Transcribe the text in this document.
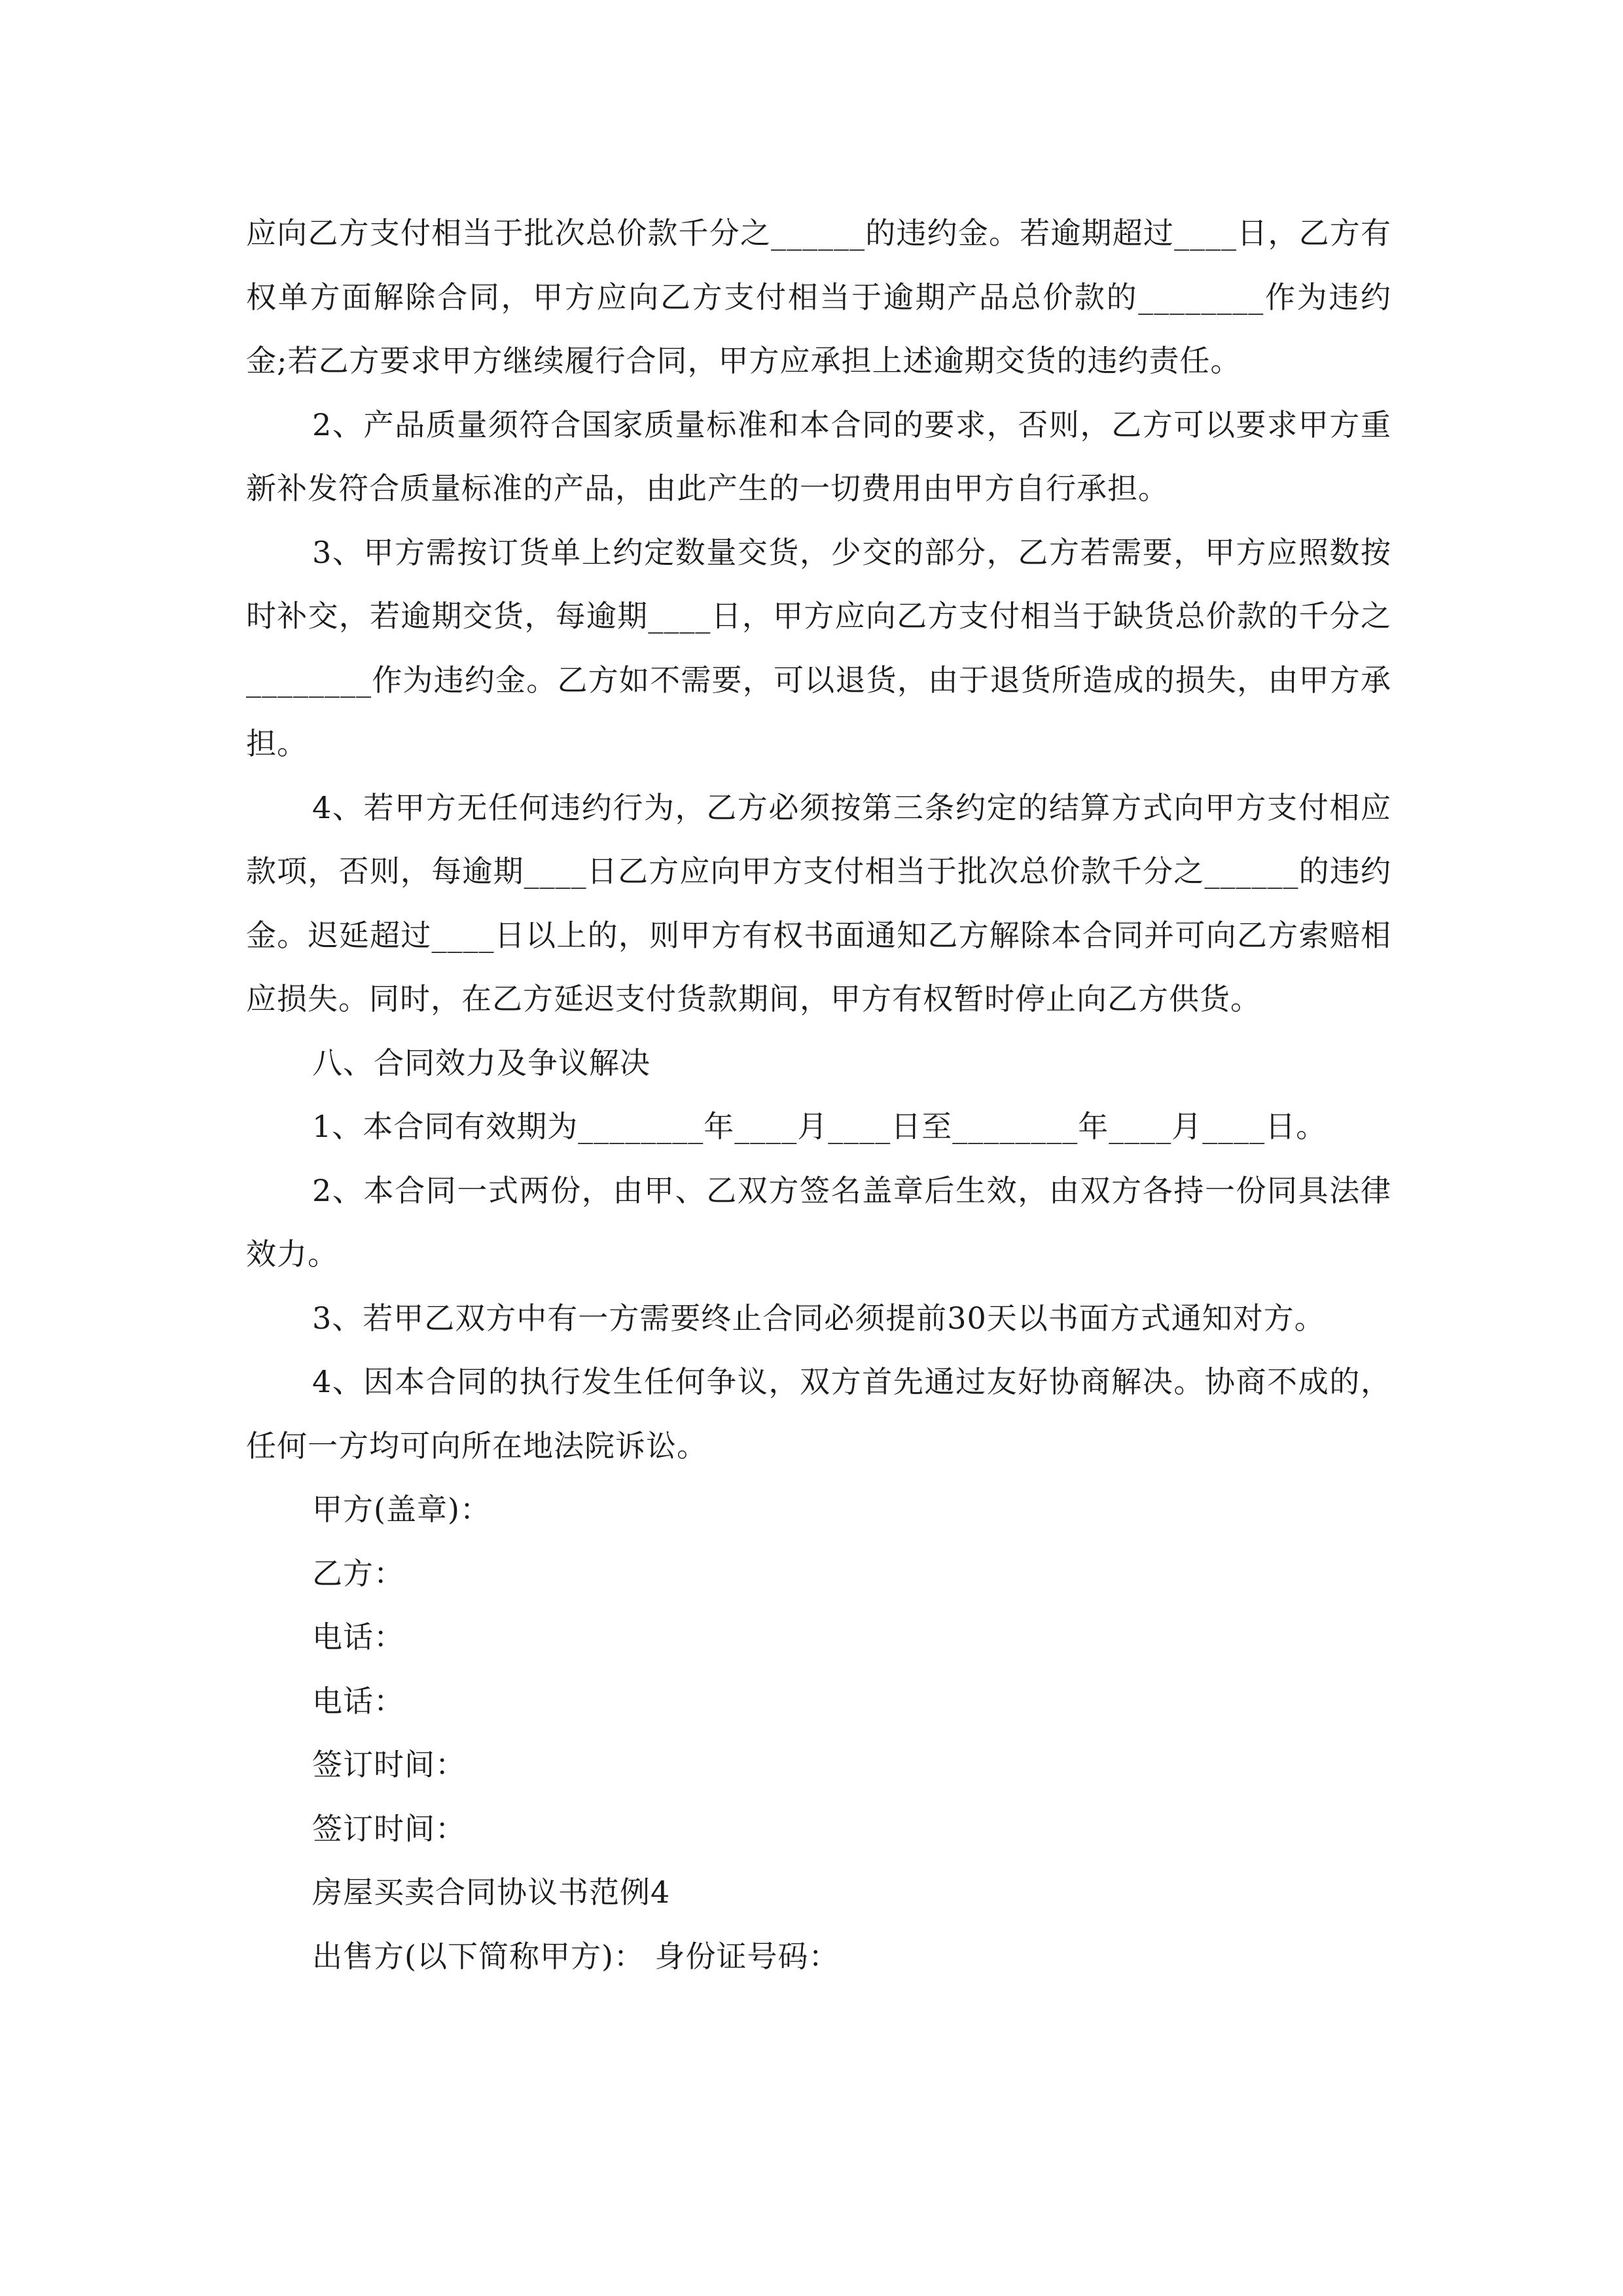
应向乙方支付相当于批次总价款千分之______的违约金。若逾期超过____日，乙方有权单方面解除合同，甲方应向乙方支付相当于逾期产品总价款的________作为违约金;若乙方要求甲方继续履行合同，甲方应承担上述逾期交货的违约责任。

2、产品质量须符合国家质量标准和本合同的要求，否则，乙方可以要求甲方重新补发符合质量标准的产品，由此产生的一切费用由甲方自行承担。

3、甲方需按订货单上约定数量交货，少交的部分，乙方若需要，甲方应照数按时补交，若逾期交货，每逾期____日，甲方应向乙方支付相当于缺货总价款的千分之________作为违约金。乙方如不需要，可以退货，由于退货所造成的损失，由甲方承担。

4、若甲方无任何违约行为，乙方必须按第三条约定的结算方式向甲方支付相应款项，否则，每逾期____日乙方应向甲方支付相当于批次总价款千分之______的违约金。迟延超过____日以上的，则甲方有权书面通知乙方解除本合同并可向乙方索赔相应损失。同时，在乙方延迟支付货款期间，甲方有权暂时停止向乙方供货。

八、合同效力及争议解决

1、本合同有效期为________年____月____日至________年____月____日。

2、本合同一式两份，由甲、乙双方签名盖章后生效，由双方各持一份同具法律效力。

3、若甲乙双方中有一方需要终止合同必须提前30天以书面方式通知对方。

4、因本合同的执行发生任何争议，双方首先通过友好协商解决。协商不成的，任何一方均可向所在地法院诉讼。

甲方(盖章)：

乙方：

电话：

电话：

签订时间：

签订时间：

房屋买卖合同协议书范例4

出售方(以下简称甲方)： 身份证号码：
